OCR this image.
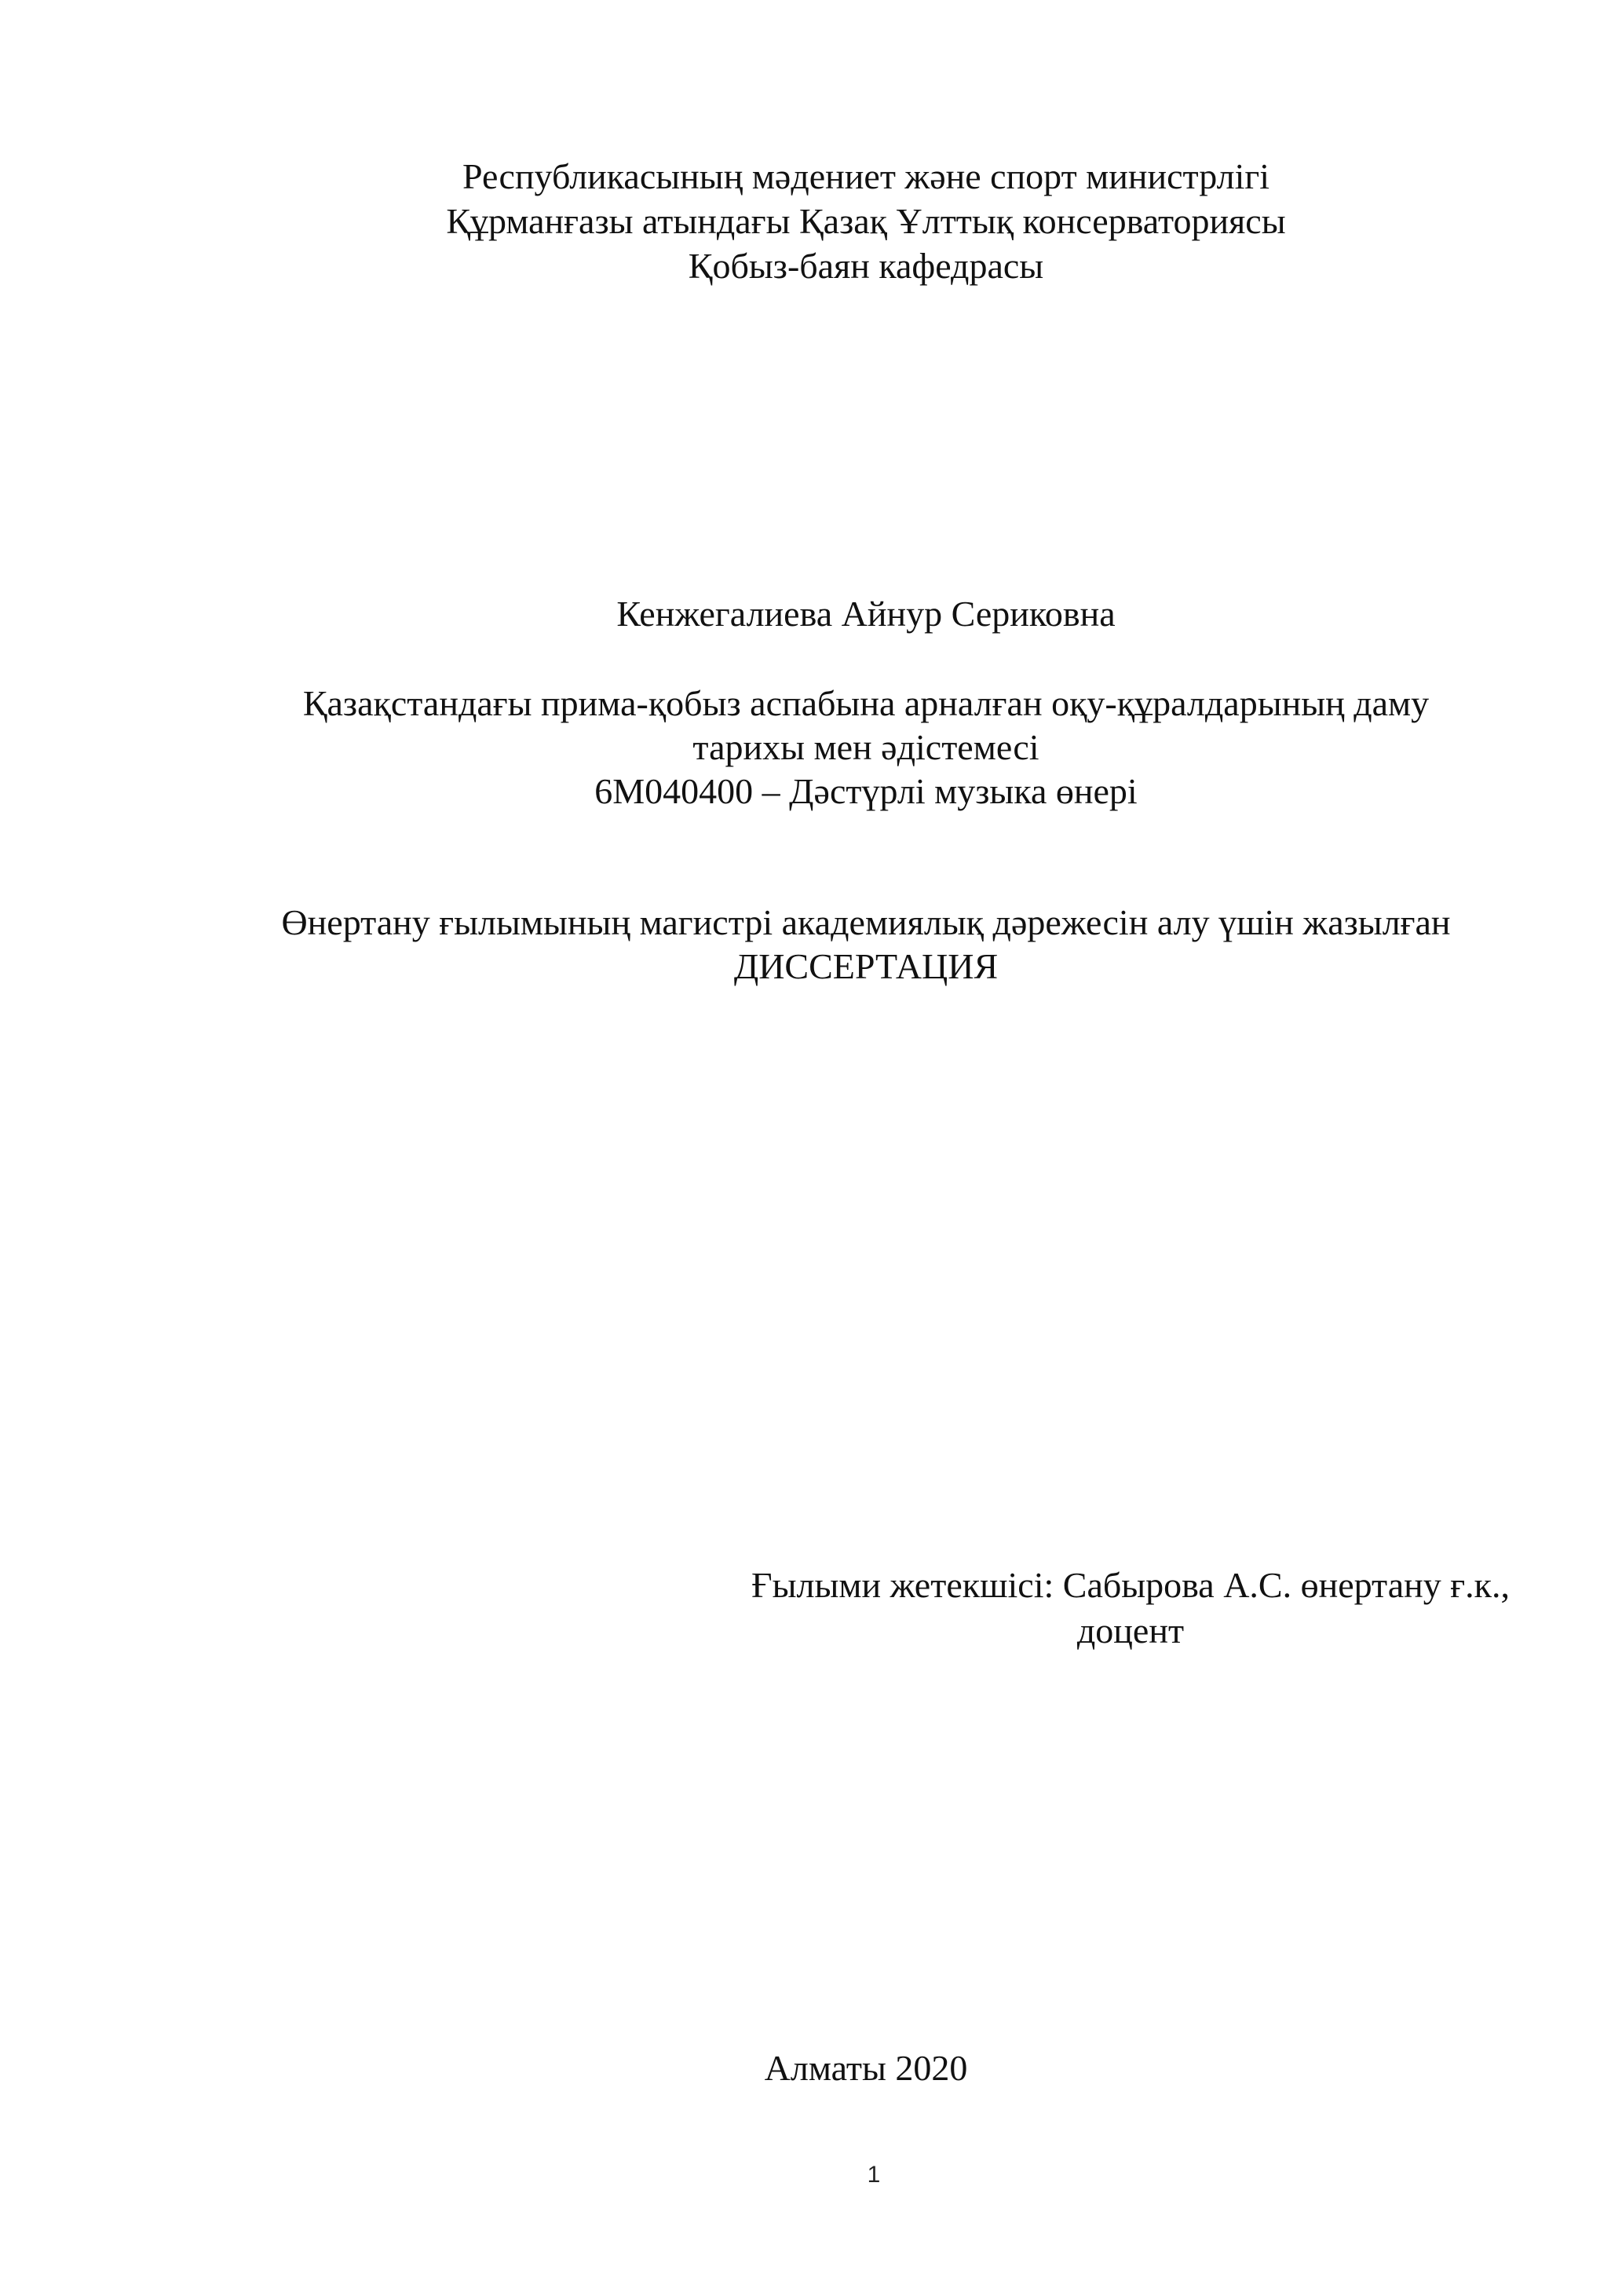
Республикасының мәдениет және спорт министрлігі
Құрманғазы атындағы Қазақ Ұлттық консерваториясы
Қобыз-баян кафедрасы
Кенжегалиева Айнур Сериковна
Қазақстандағы прима-қобыз аспабына арналған оқу-құралдарының даму
тарихы мен әдістемесі
6М040400 – Дәстүрлі музыка өнері
Өнертану ғылымының магистрі академиялық дәрежесін алу үшін жазылған
ДИССЕРТАЦИЯ
Ғылыми жетекшісі: Сабырова А.С. өнертану ғ.к.,
доцент
Алматы 2020
1
